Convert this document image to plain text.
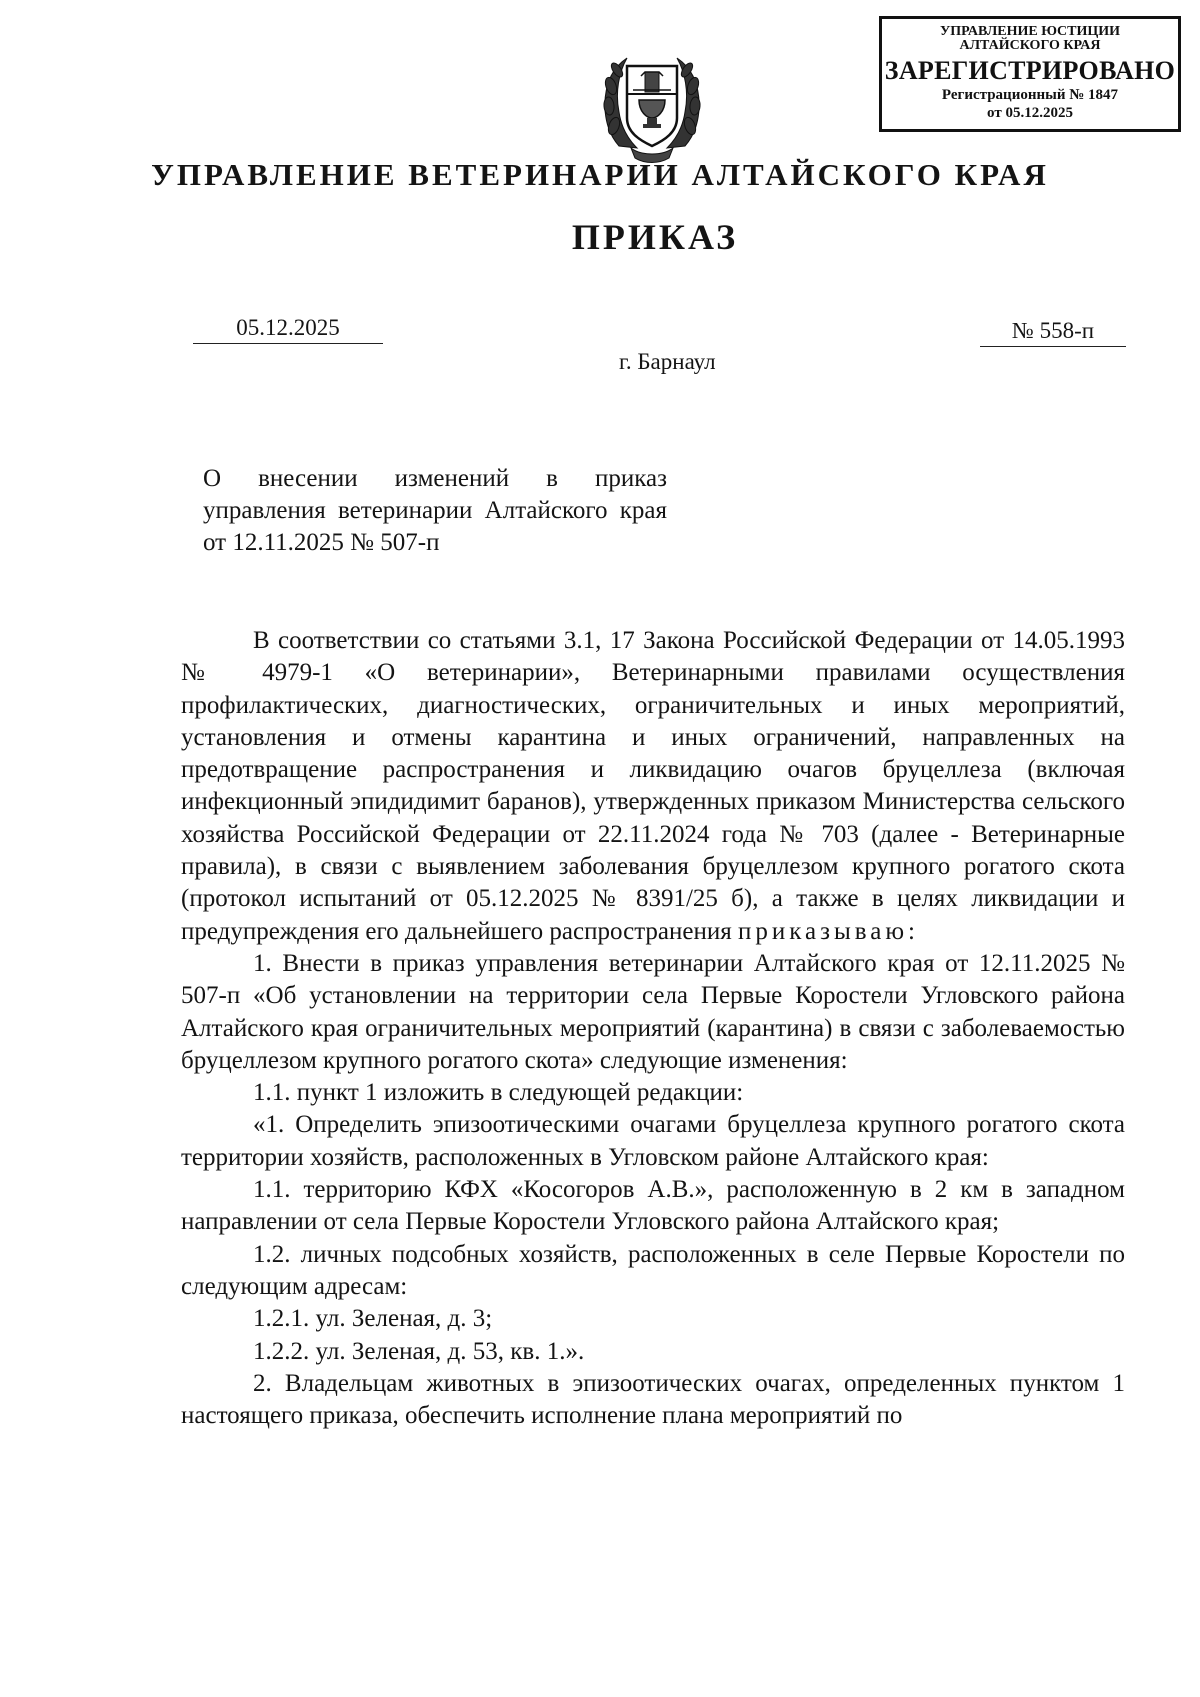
УПРАВЛЕНИЕ ЮСТИЦИИ
АЛТАЙСКОГО КРАЯ
ЗАРЕГИСТРИРОВАНО
Регистрационный № 1847
от 05.12.2025
УПРАВЛЕНИЕ ВЕТЕРИНАРИИ АЛТАЙСКОГО КРАЯ
ПРИКАЗ
05.12.2025	№ 558-п
г. Барнаул
О внесении изменений в приказ управления ветеринарии Алтайского края от 12.11.2025 № 507-п

В соответствии со статьями 3.1, 17 Закона Российской Федерации от 14.05.1993 № 4979-1 «О ветеринарии», Ветеринарными правилами осуществления профилактических, диагностических, ограничительных и иных мероприятий, установления и отмены карантина и иных ограничений, направленных на предотвращение распространения и ликвидацию очагов бруцеллеза (включая инфекционный эпидидимит баранов), утвержденных приказом Министерства сельского хозяйства Российской Федерации от 22.11.2024 года № 703 (далее - Ветеринарные правила), в связи с выявлением заболевания бруцеллезом крупного рогатого скота (протокол испытаний от 05.12.2025 № 8391/25 б), а также в целях ликвидации и предупреждения его дальнейшего распространения приказываю:

1. Внести в приказ управления ветеринарии Алтайского края от 12.11.2025 № 507-п «Об установлении на территории села Первые Коростели Угловского района Алтайского края ограничительных мероприятий (карантина) в связи с заболеваемостью бруцеллезом крупного рогатого скота» следующие изменения:

1.1. пункт 1 изложить в следующей редакции:

«1. Определить эпизоотическими очагами бруцеллеза крупного рогатого скота территории хозяйств, расположенных в Угловском районе Алтайского края:

1.1. территорию КФХ «Косогоров А.В.», расположенную в 2 км в западном направлении от села Первые Коростели Угловского района Алтайского края;

1.2. личных подсобных хозяйств, расположенных в селе Первые Коростели по следующим адресам:

1.2.1. ул. Зеленая, д. 3;

1.2.2. ул. Зеленая, д. 53, кв. 1.».

2. Владельцам животных в эпизоотических очагах, определенных пунктом 1 настоящего приказа, обеспечить исполнение плана мероприятий по
